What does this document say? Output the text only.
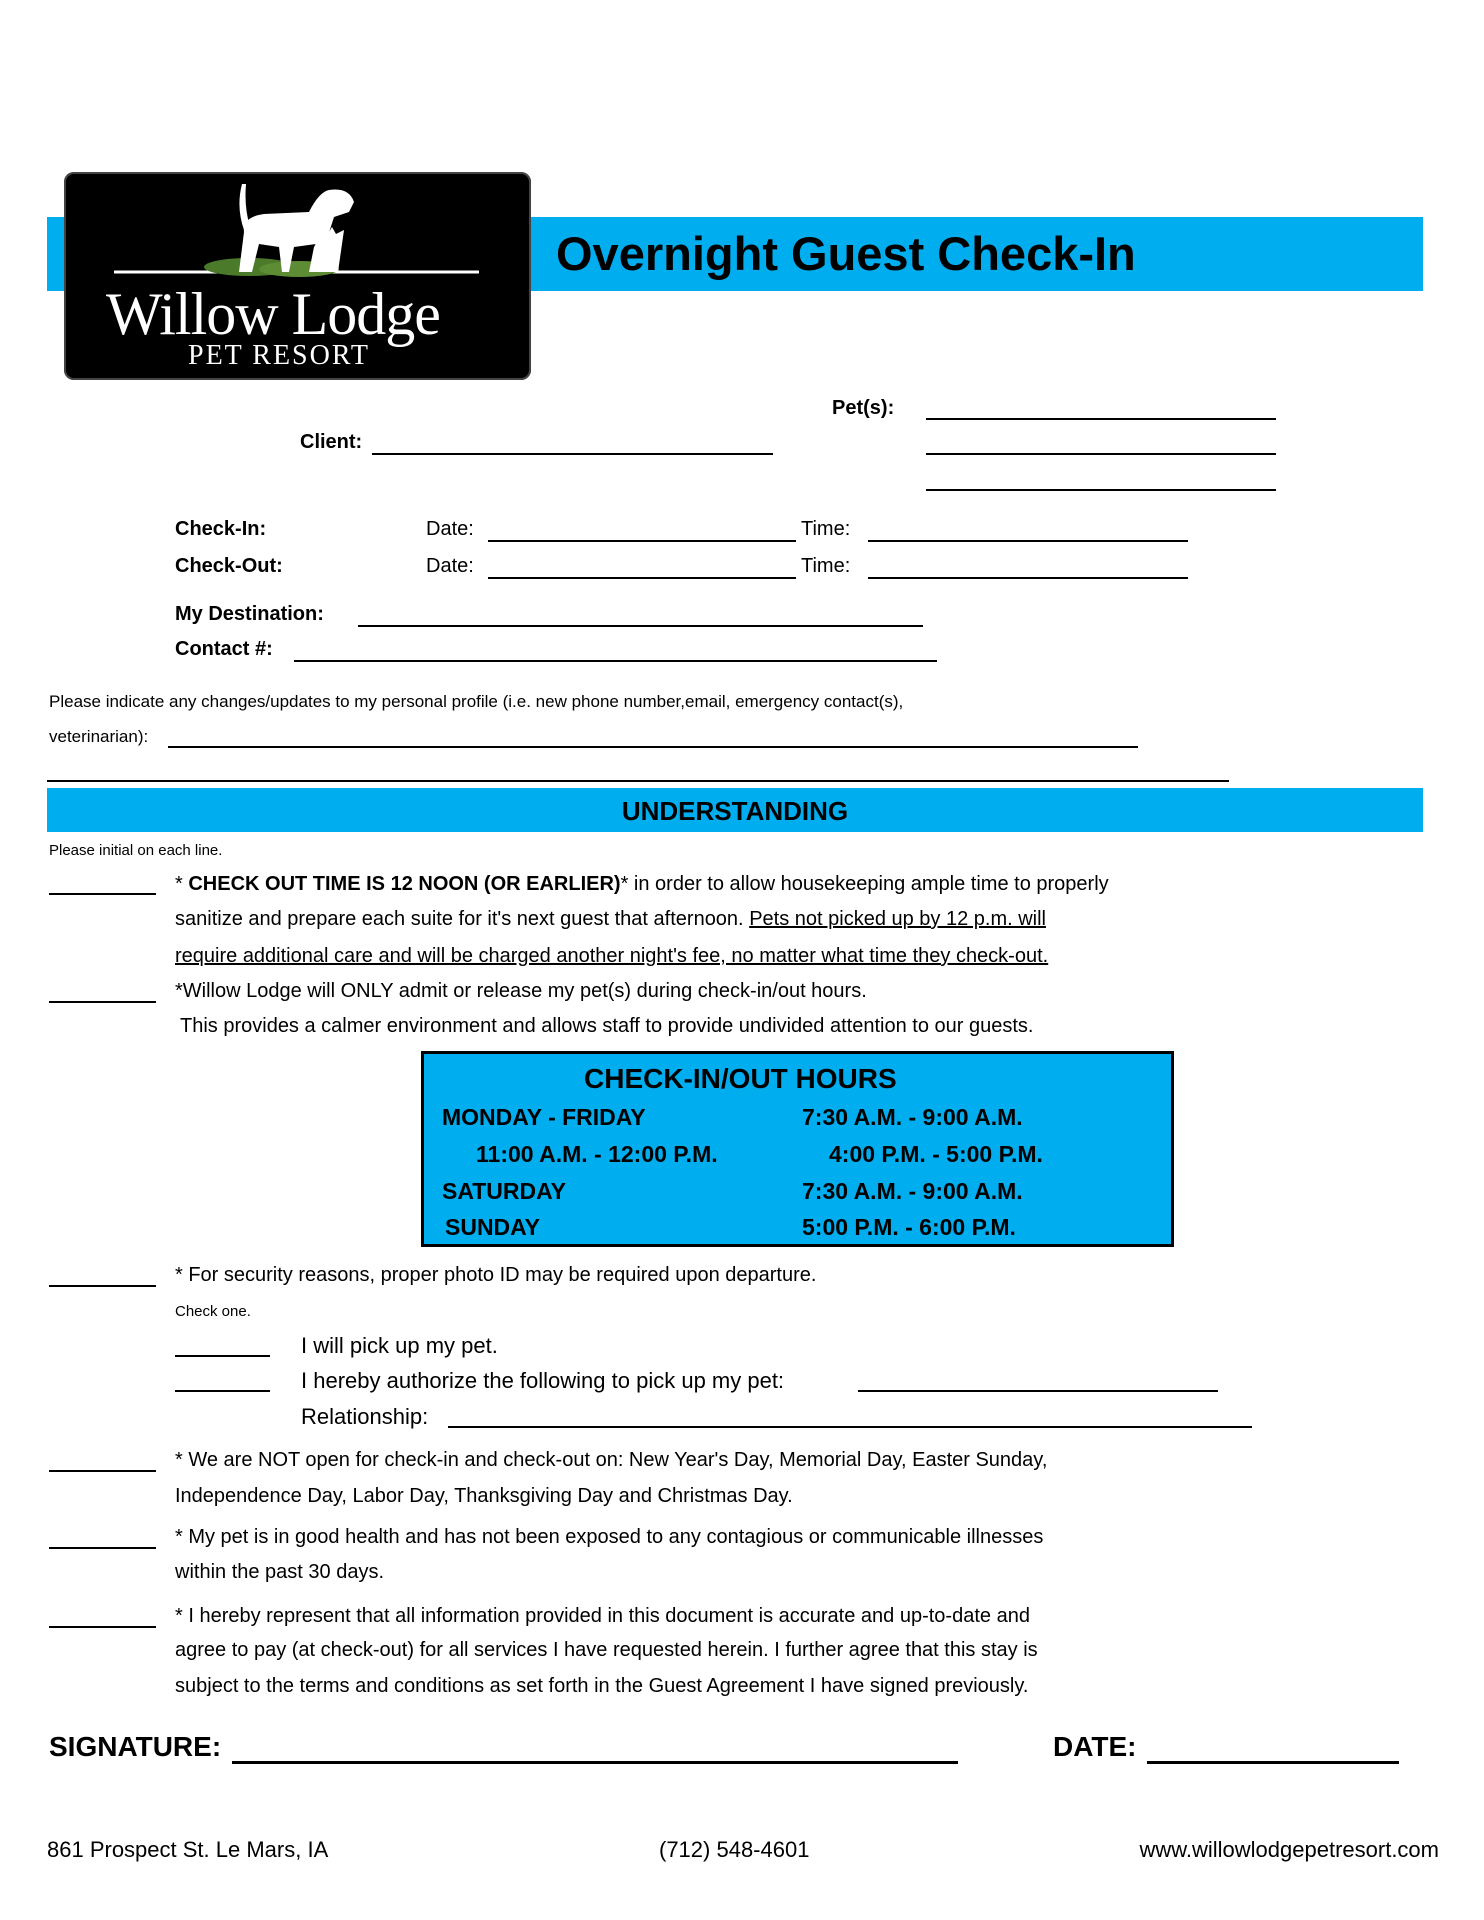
Willow Lodge
PET RESORT
Overnight Guest Check-In
Pet(s):
Client:
Check-In:	Date:	Time:
Check-Out:	Date:	Time:
My Destination:
Contact #:
Please indicate any changes/updates to my personal profile (i.e. new phone number,email, emergency contact(s),
veterinarian):
UNDERSTANDING
Please initial on each line.
* CHECK OUT TIME IS 12 NOON (OR EARLIER)* in order to allow housekeeping ample time to properly
sanitize and prepare each suite for it's next guest that afternoon. Pets not picked up by 12 p.m. will
require additional care and will be charged another night's fee, no matter what time they check-out.
*Willow Lodge will ONLY admit or release my pet(s) during check-in/out hours.
This provides a calmer environment and allows staff to provide undivided attention to our guests.
CHECK-IN/OUT HOURS
MONDAY - FRIDAY	7:30 A.M. - 9:00 A.M.
11:00 A.M. - 12:00 P.M.	4:00 P.M. - 5:00 P.M.
SATURDAY	7:30 A.M. - 9:00 A.M.
SUNDAY	5:00 P.M. - 6:00 P.M.
* For security reasons, proper photo ID may be required upon departure.
Check one.
I will pick up my pet.
I hereby authorize the following to pick up my pet:
Relationship:
* We are NOT open for check-in and check-out on: New Year's Day, Memorial Day, Easter Sunday,
Independence Day, Labor Day, Thanksgiving Day and Christmas Day.
* My pet is in good health and has not been exposed to any contagious or communicable illnesses
within the past 30 days.
* I hereby represent that all information provided in this document is accurate and up-to-date and
agree to pay (at check-out) for all services I have requested herein. I further agree that this stay is
subject to the terms and conditions as set forth in the Guest Agreement I have signed previously.
SIGNATURE:	DATE:
861 Prospect St. Le Mars, IA	(712) 548-4601	www.willowlodgepetresort.com
